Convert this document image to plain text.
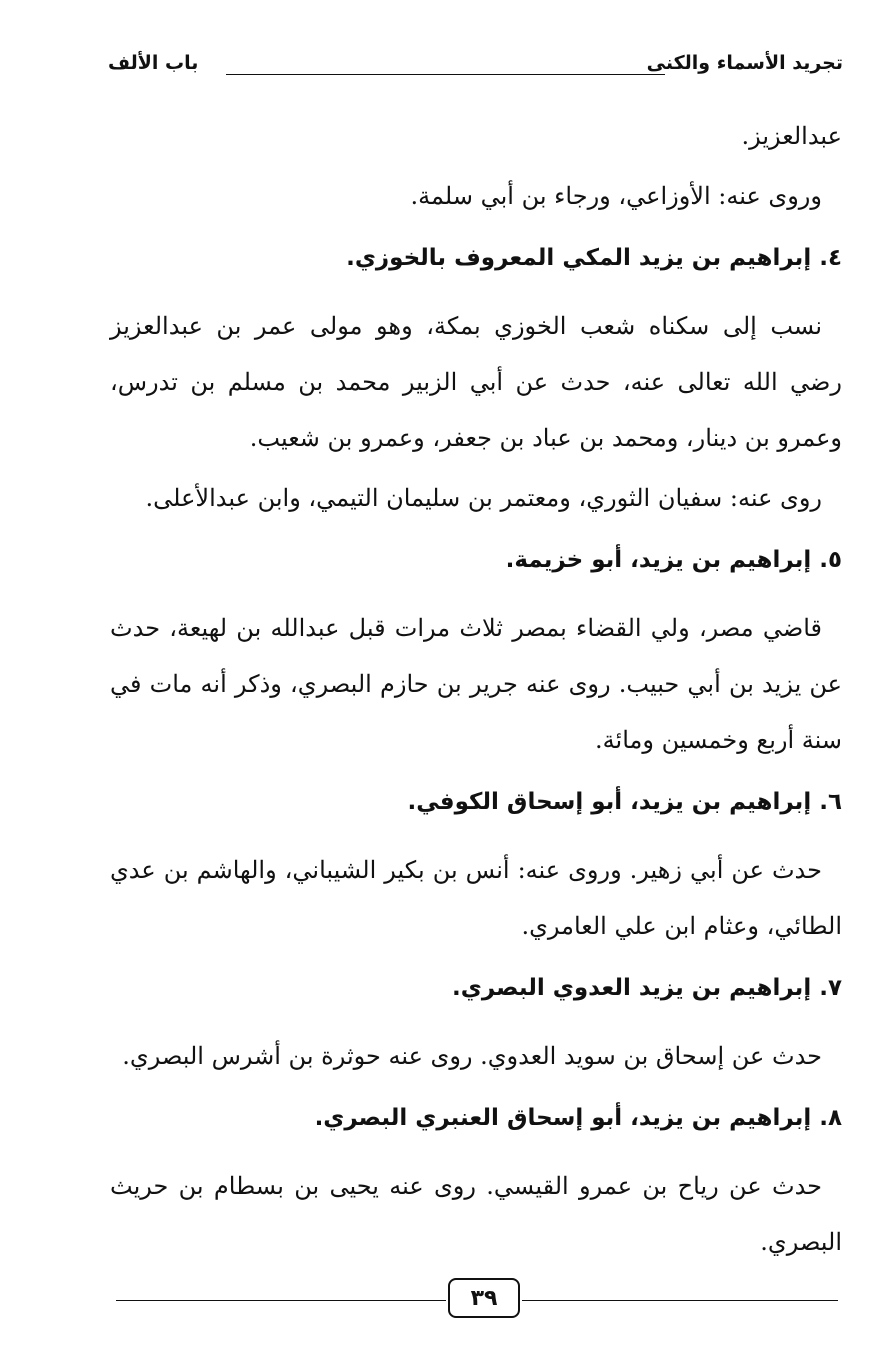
تجريد الأسماء والكنى
باب الألف

عبدالعزيز.

وروى عنه: الأوزاعي، ورجاء بن أبي سلمة.

٤. إبراهيم بن يزيد المكي المعروف بالخوزي.

نسب إلى سكناه شعب الخوزي بمكة، وهو مولى عمر بن عبدالعزيز رضي الله تعالى عنه، حدث عن أبي الزبير محمد بن مسلم بن تدرس، وعمرو بن دينار، ومحمد بن عباد بن جعفر، وعمرو بن شعيب.

روى عنه: سفيان الثوري، ومعتمر بن سليمان التيمي، وابن عبدالأعلى.

٥. إبراهيم بن يزيد، أبو خزيمة.

قاضي مصر، ولي القضاء بمصر ثلاث مرات قبل عبدالله بن لهيعة، حدث عن يزيد بن أبي حبيب. روى عنه جرير بن حازم البصري، وذكر أنه مات في سنة أربع وخمسين ومائة.

٦. إبراهيم بن يزيد، أبو إسحاق الكوفي.

حدث عن أبي زهير. وروى عنه: أنس بن بكير الشيباني، والهاشم بن عدي الطائي، وعثام ابن علي العامري.

٧. إبراهيم بن يزيد العدوي البصري.

حدث عن إسحاق بن سويد العدوي. روى عنه حوثرة بن أشرس البصري.

٨. إبراهيم بن يزيد، أبو إسحاق العنبري البصري.

حدث عن رياح بن عمرو القيسي. روى عنه يحيى بن بسطام بن حريث البصري.

٣٩
